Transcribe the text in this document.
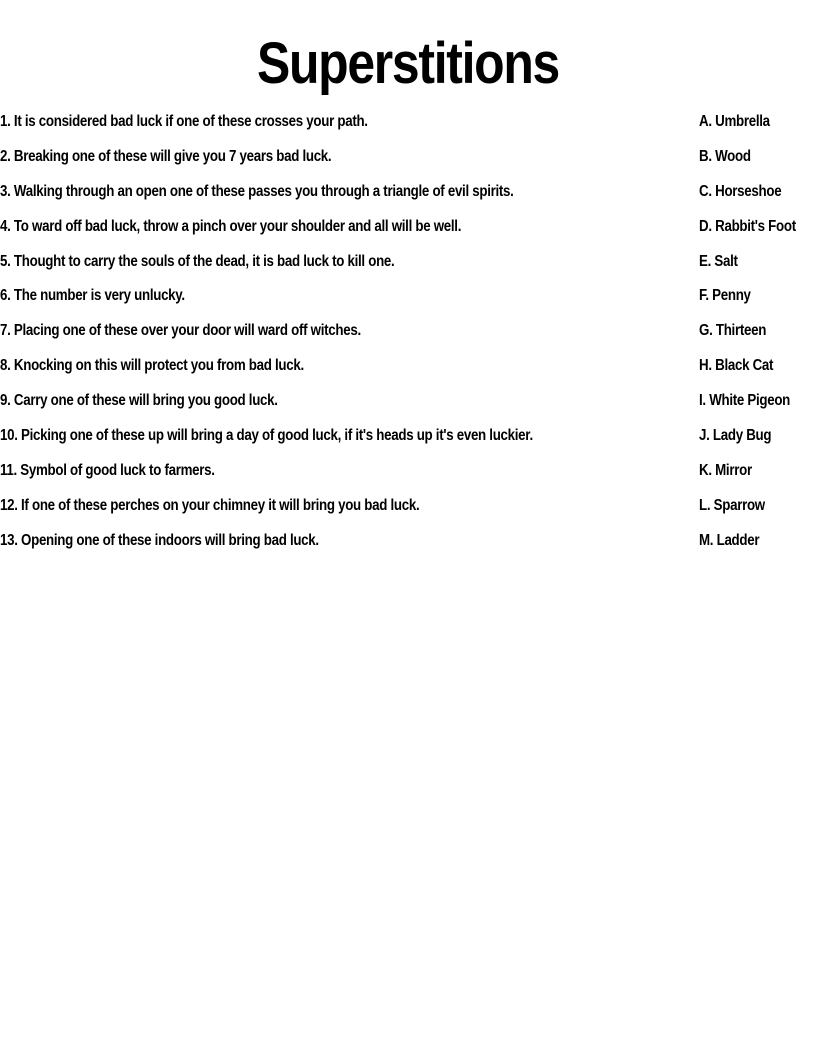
Superstitions
1. It is considered bad luck if one of these crosses your path.	A. Umbrella
2. Breaking one of these will give you 7 years bad luck.	B. Wood
3. Walking through an open one of these passes you through a triangle of evil spirits.	C. Horseshoe
4. To ward off bad luck, throw a pinch over your shoulder and all will be well.	D. Rabbit's Foot
5. Thought to carry the souls of the dead, it is bad luck to kill one.	E. Salt
6. The number is very unlucky.	F. Penny
7. Placing one of these over your door will ward off witches.	G. Thirteen
8. Knocking on this will protect you from bad luck.	H. Black Cat
9. Carry one of these will bring you good luck.	I. White Pigeon
10. Picking one of these up will bring a day of good luck, if it's heads up it's even luckier.	J. Lady Bug
11. Symbol of good luck to farmers.	K. Mirror
12. If one of these perches on your chimney it will bring you bad luck.	L. Sparrow
13. Opening one of these indoors will bring bad luck.	M. Ladder
